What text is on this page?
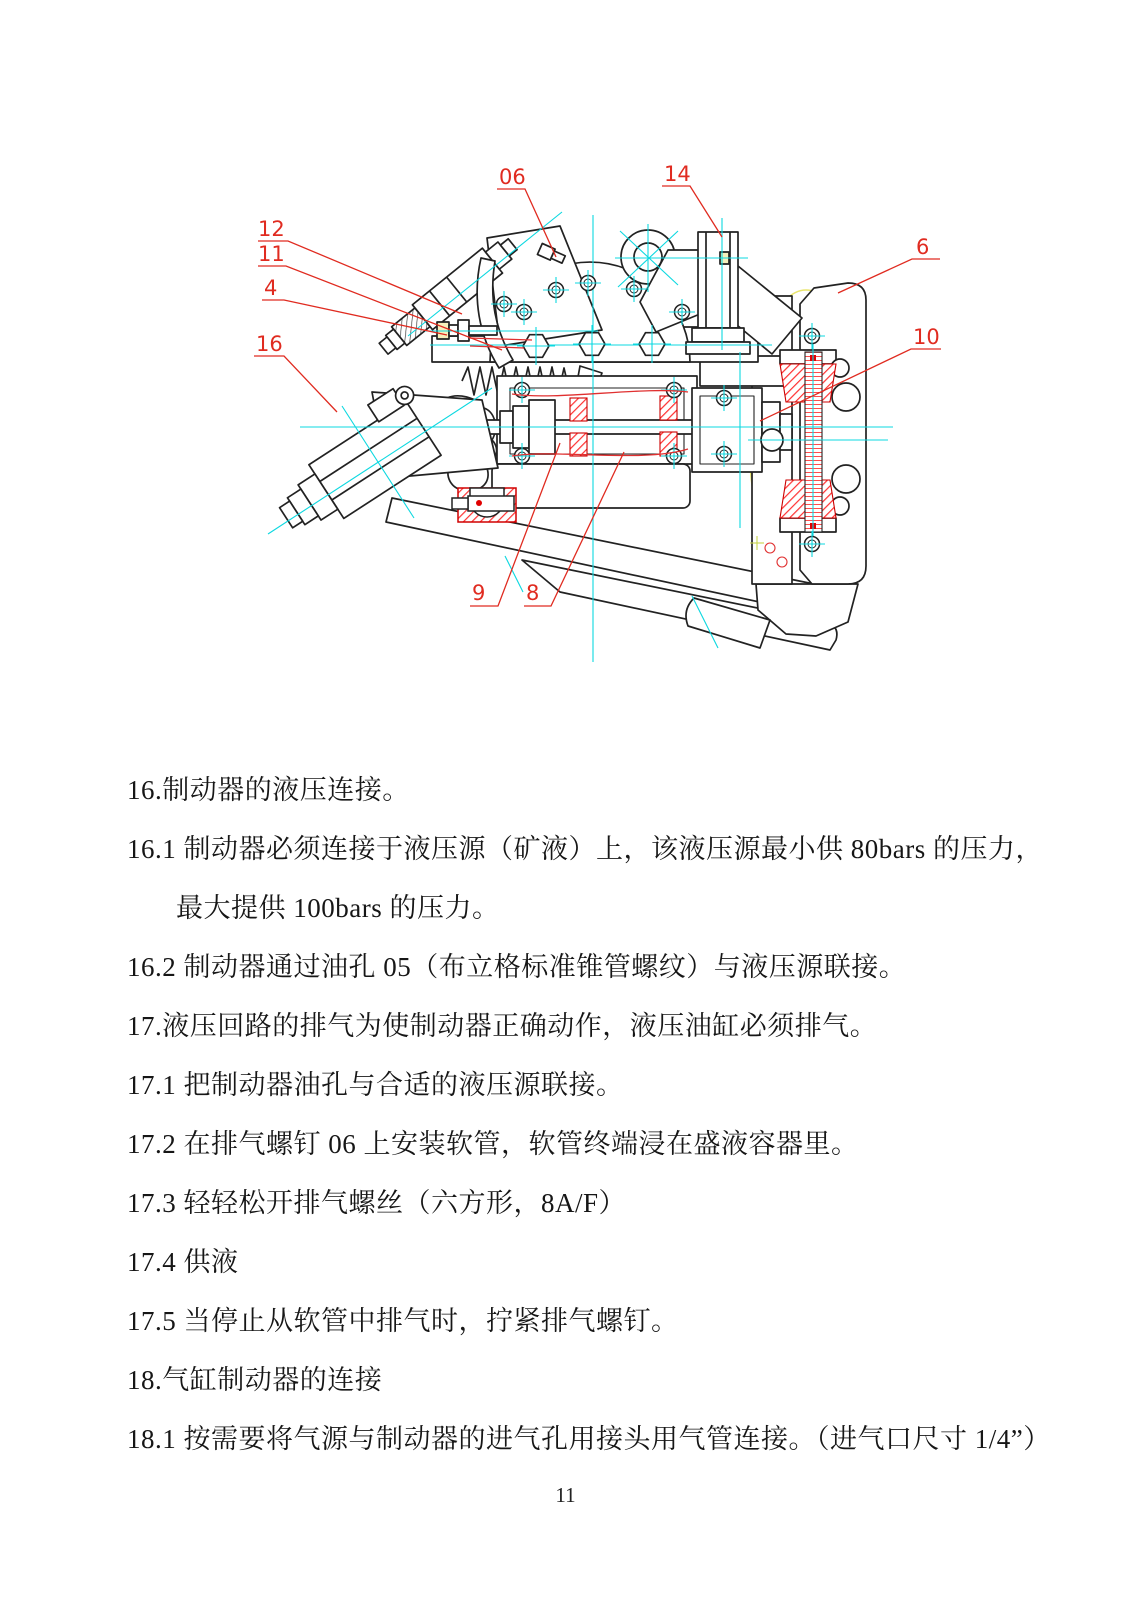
06	14
12
11
4
16
6
10
9 8

16.制动器的液压连接。

16.1 制动器必须连接于液压源（矿液）上，该液压源最小供 80bars 的压力，

最大提供 100bars 的压力。

16.2 制动器通过油孔 05（布立格标准锥管螺纹）与液压源联接。

17.液压回路的排气为使制动器正确动作，液压油缸必须排气。

17.1 把制动器油孔与合适的液压源联接。

17.2 在排气螺钉 06 上安装软管，软管终端浸在盛液容器里。

17.3 轻轻松开排气螺丝（六方形，8A/F）

17.4 供液

17.5 当停止从软管中排气时，拧紧排气螺钉。

18.气缸制动器的连接

18.1 按需要将气源与制动器的进气孔用接头用气管连接。（进气口尺寸 1/4”）

11
